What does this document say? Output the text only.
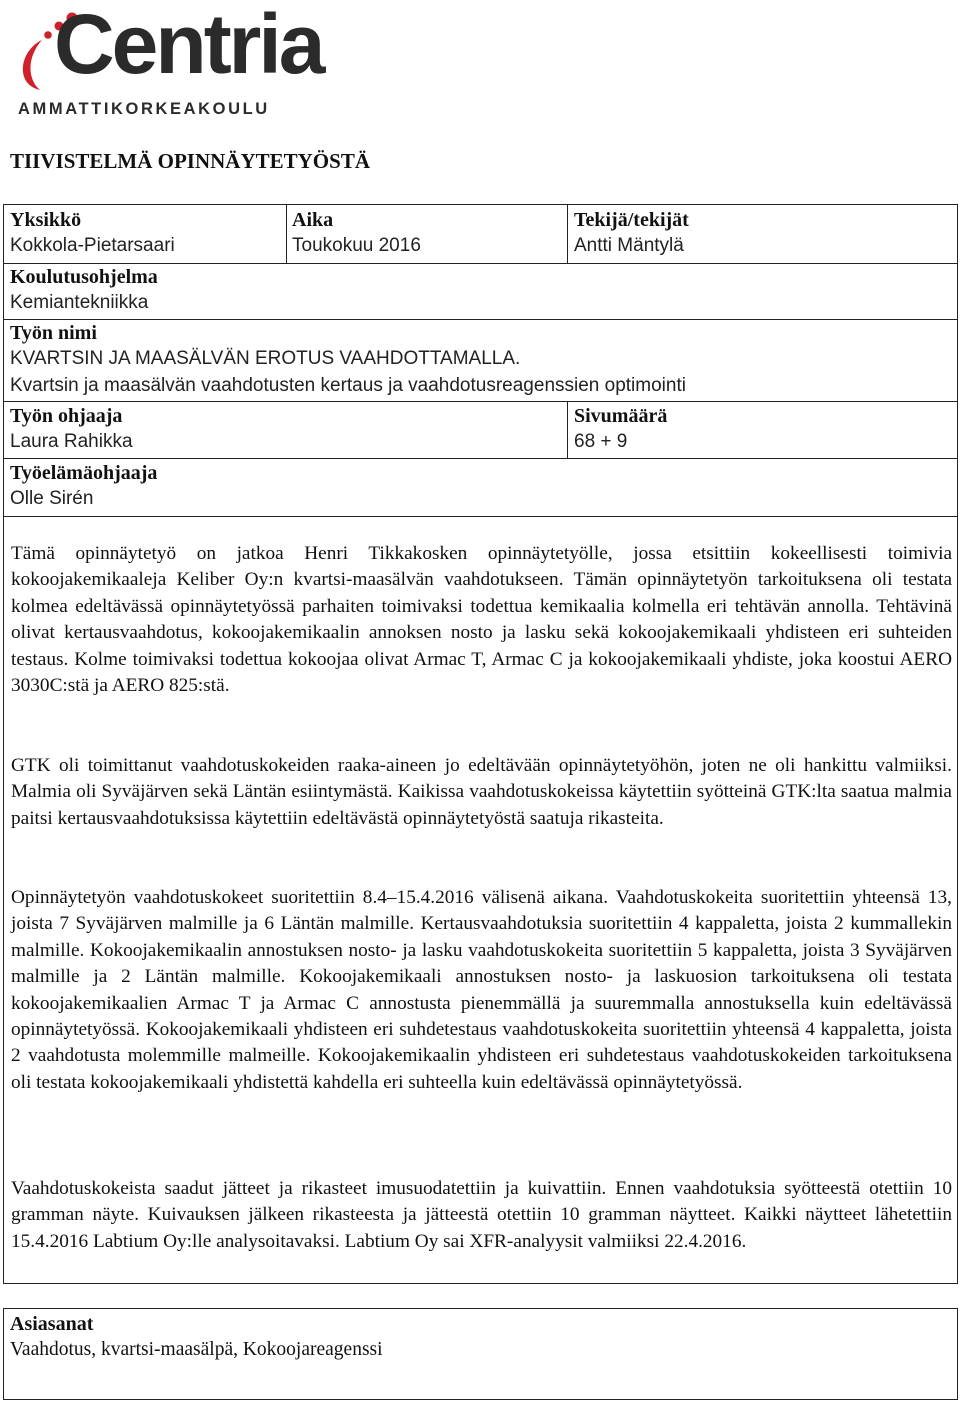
Centria
AMMATTIKORKEAKOULU
TIIVISTELMÄ OPINNÄYTETYÖSTÄ
Yksikkö
Kokkola-Pietarsaari
Aika
Toukokuu 2016
Tekijä/tekijät
Antti Mäntylä
Koulutusohjelma
Kemiantekniikka
Työn nimi
KVARTSIN JA MAASÄLVÄN EROTUS VAAHDOTTAMALLA.
Kvartsin ja maasälvän vaahdotusten kertaus ja vaahdotusreagenssien optimointi
Työn ohjaaja
Laura Rahikka
Sivumäärä
68 + 9
Työelämäohjaaja
Olle Sirén
Tämä opinnäytetyö on jatkoa Henri Tikkakosken opinnäytetyölle, jossa etsittiin kokeellisesti toimivia kokoojakemikaaleja Keliber Oy:n kvartsi-maasälvän vaahdotukseen. Tämän opinnäytetyön tarkoituksena oli testata kolmea edeltävässä opinnäytetyössä parhaiten toimivaksi todettua kemikaalia kolmella eri tehtävän annolla. Tehtävinä olivat kertausvaahdotus, kokoojakemikaalin annoksen nosto ja lasku sekä kokoojakemikaali yhdisteen eri suhteiden testaus. Kolme toimivaksi todettua kokoojaa olivat Armac T, Armac C ja kokoojakemikaali yhdiste, joka koostui AERO 3030C:stä ja AERO 825:stä.
GTK oli toimittanut vaahdotuskokeiden raaka-aineen jo edeltävään opinnäytetyöhön, joten ne oli hankittu valmiiksi. Malmia oli Syväjärven sekä Läntän esiintymästä. Kaikissa vaahdotuskokeissa käytettiin syötteinä GTK:lta saatua malmia paitsi kertausvaahdotuksissa käytettiin edeltävästä opinnäytetyöstä saatuja rikasteita.
Opinnäytetyön vaahdotuskokeet suoritettiin 8.4–15.4.2016 välisenä aikana. Vaahdotuskokeita suoritettiin yhteensä 13, joista 7 Syväjärven malmille ja 6 Läntän malmille. Kertausvaahdotuksia suoritettiin 4 kappaletta, joista 2 kummallekin malmille. Kokoojakemikaalin annostuksen nosto- ja lasku vaahdotuskokeita suoritettiin 5 kappaletta, joista 3 Syväjärven malmille ja 2 Läntän malmille. Kokoojakemikaali annostuksen nosto- ja laskuosion tarkoituksena oli testata kokoojakemikaalien Armac T ja Armac C annostusta pienemmällä ja suuremmalla annostuksella kuin edeltävässä opinnäytetyössä. Kokoojakemikaali yhdisteen eri suhdetestaus vaahdotuskokeita suoritettiin yhteensä 4 kappaletta, joista 2 vaahdotusta molemmille malmeille. Kokoojakemikaalin yhdisteen eri suhdetestaus vaahdotuskokeiden tarkoituksena oli testata kokoojakemikaali yhdistettä kahdella eri suhteella kuin edeltävässä opinnäytetyössä.
Vaahdotuskokeista saadut jätteet ja rikasteet imusuodatettiin ja kuivattiin. Ennen vaahdotuksia syötteestä otettiin 10 gramman näyte. Kuivauksen jälkeen rikasteesta ja jätteestä otettiin 10 gramman näytteet. Kaikki näytteet lähetettiin 15.4.2016 Labtium Oy:lle analysoitavaksi. Labtium Oy sai XFR-analyysit valmiiksi 22.4.2016.
Asiasanat
Vaahdotus, kvartsi-maasälpä, Kokoojareagenssi
